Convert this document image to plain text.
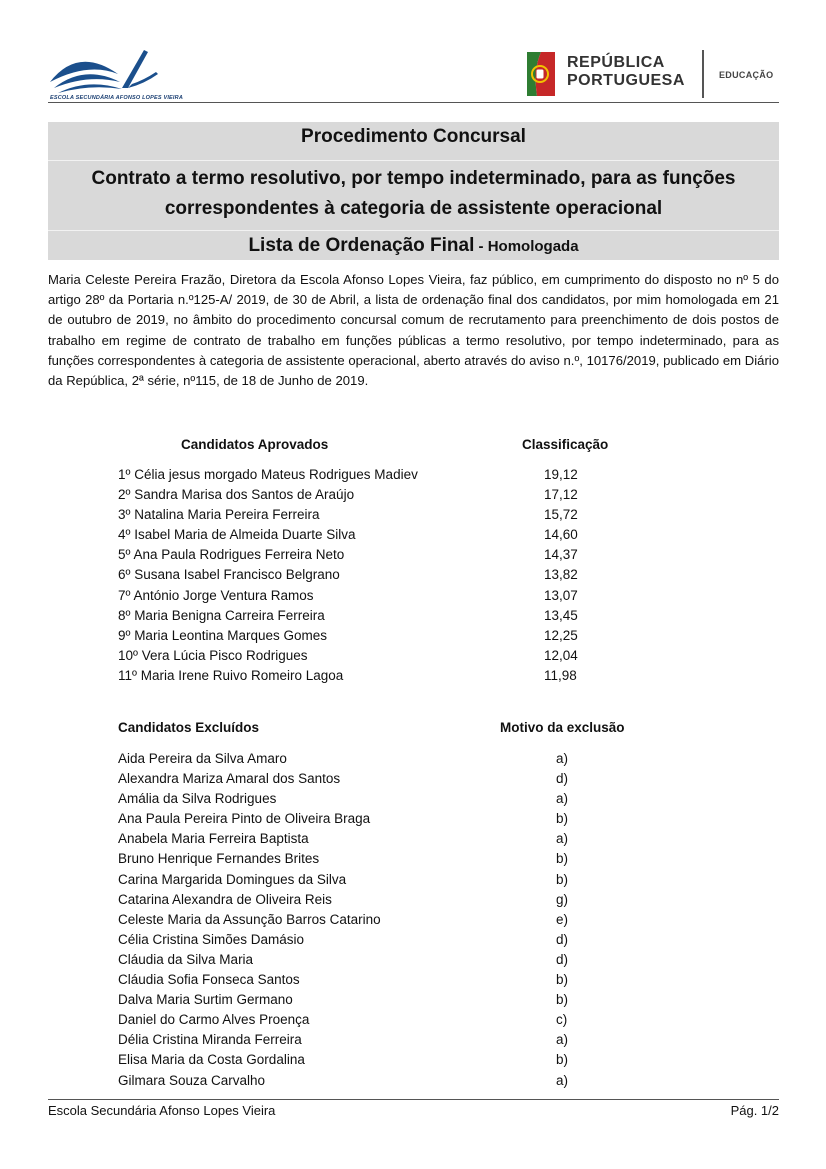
ESCOLA SECUNDÁRIA AFONSO LOPES VIEIRA
REPÚBLICA
PORTUGUESA	EDUCAÇÃO
Procedimento Concursal
Contrato a termo resolutivo, por tempo indeterminado, para as funções
correspondentes à categoria de assistente operacional
Lista de Ordenação Final - Homologada

Maria Celeste Pereira Frazão, Diretora da Escola Afonso Lopes Vieira, faz público, em cumprimento do disposto no nº 5 do artigo 28º da Portaria n.º125-A/ 2019, de 30 de Abril, a lista de ordenação final dos candidatos, por mim homologada em 21 de outubro de 2019, no âmbito do procedimento concursal comum de recrutamento para preenchimento de dois postos de trabalho em regime de contrato de trabalho em funções públicas a termo resolutivo, por tempo indeterminado, para as funções correspondentes à categoria de assistente operacional, aberto através do aviso n.º, 10176/2019, publicado em Diário da República, 2ª série, nº115, de 18 de Junho de 2019.

Candidatos Aprovados	Classificação
1º Célia jesus morgado Mateus Rodrigues Madiev	19,12
2º Sandra Marisa dos Santos de Araújo	17,12
3º Natalina Maria Pereira Ferreira	15,72
4º Isabel Maria de Almeida Duarte Silva	14,60
5º Ana Paula Rodrigues Ferreira Neto	14,37
6º Susana Isabel Francisco Belgrano	13,82
7º António Jorge Ventura Ramos	13,07
8º Maria Benigna Carreira Ferreira	13,45
9º Maria Leontina Marques Gomes	12,25
10º Vera Lúcia Pisco Rodrigues	12,04
11º Maria Irene Ruivo Romeiro Lagoa	11,98
Candidatos Excluídos	Motivo da exclusão
Aida Pereira da Silva Amaro	a)
Alexandra Mariza Amaral dos Santos	d)
Amália da Silva Rodrigues	a)
Ana Paula Pereira Pinto de Oliveira Braga	b)
Anabela Maria Ferreira Baptista	a)
Bruno Henrique Fernandes Brites	b)
Carina Margarida Domingues da Silva	b)
Catarina Alexandra de Oliveira Reis	g)
Celeste Maria da Assunção Barros Catarino	e)
Célia Cristina Simões Damásio	d)
Cláudia da Silva Maria	d)
Cláudia Sofia Fonseca Santos	b)
Dalva Maria Surtim Germano	b)
Daniel do Carmo Alves Proença	c)
Délia Cristina Miranda Ferreira	a)
Elisa Maria da Costa Gordalina	b)
Gilmara Souza Carvalho	a)
Escola Secundária Afonso Lopes Vieira	Pág. 1/2
